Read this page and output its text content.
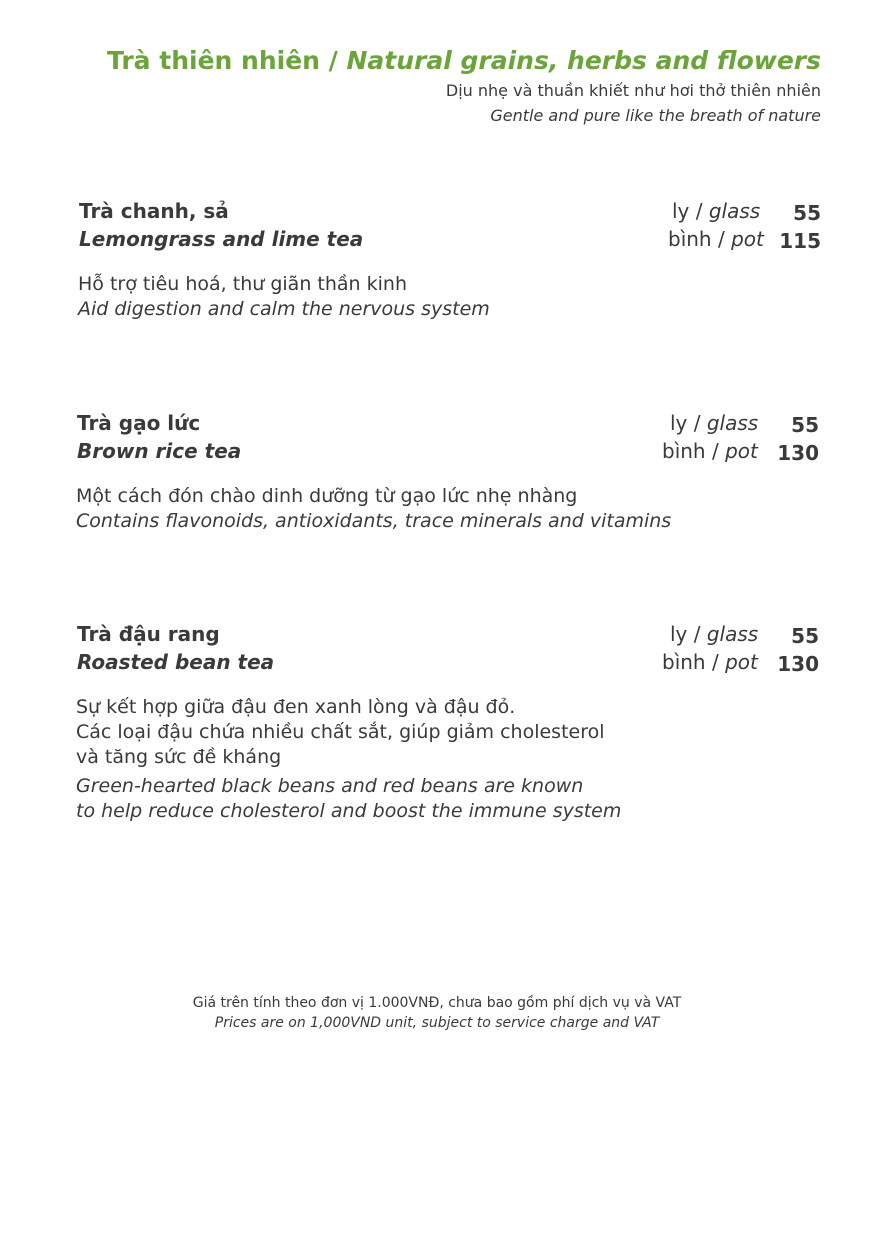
Trà thiên nhiên / Natural grains, herbs and flowers
Dịu nhẹ và thuần khiết như hơi thở thiên nhiên
Gentle and pure like the breath of nature
Trà chanh, sả
Lemongrass and lime tea
ly / glass	55
bình / pot 115
Hỗ trợ tiêu hoá, thư giãn thần kinh
Aid digestion and calm the nervous system
Trà gạo lức
Brown rice tea
ly / glass	55
bình / pot 130
Một cách đón chào dinh dưỡng từ gạo lức nhẹ nhàng
Contains flavonoids, antioxidants, trace minerals and vitamins
Trà đậu rang
Roasted bean tea
ly / glass	55
bình / pot 130
Sự kết hợp giữa đậu đen xanh lòng và đậu đỏ.
Các loại đậu chứa nhiều chất sắt, giúp giảm cholesterol
và tăng sức đề kháng
Green-hearted black beans and red beans are known
to help reduce cholesterol and boost the immune system
Giá trên tính theo đơn vị 1.000VNĐ, chưa bao gồm phí dịch vụ và VAT
Prices are on 1,000VND unit, subject to service charge and VAT
